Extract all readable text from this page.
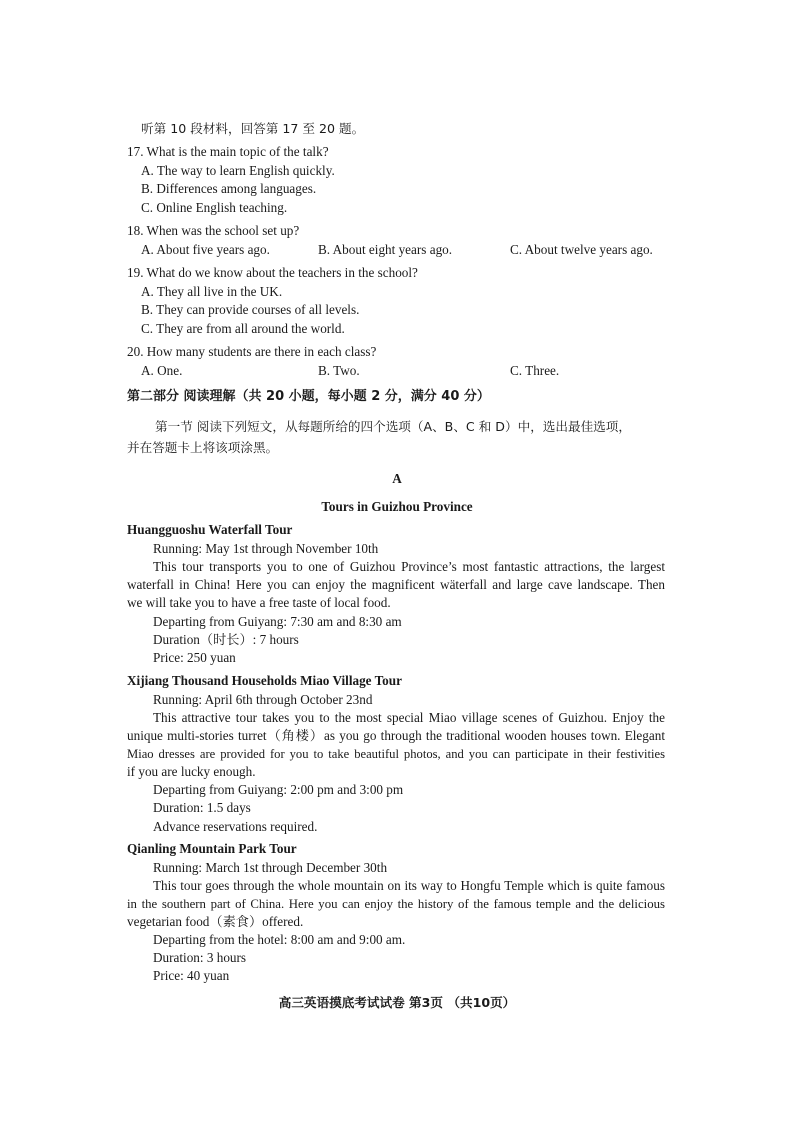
听第 10 段材料，回答第 17 至 20 题。
17. What is the main topic of the talk?
A. The way to learn English quickly.
B. Differences among languages.
C. Online English teaching.
18. When was the school set up?
A. About five years ago.	B. About eight years ago.	C. About twelve years ago.
19. What do we know about the teachers in the school?
A. They all live in the UK.
B. They can provide courses of all levels.
C. They are from all around the world.
20. How many students are there in each class?
A. One.	B. Two.	C. Three.
第二部分 阅读理解（共 20 小题，每小题 2 分，满分 40 分）
第一节 阅读下列短文，从每题所给的四个选项（A、B、C 和 D）中，选出最佳选项，
并在答题卡上将该项涂黑。
A
Tours in Guizhou Province
Huangguoshu Waterfall Tour
Running: May 1st through November 10th
This tour transports you to one of Guizhou Province’s most fantastic attractions, the largest
waterfall in China! Here you can enjoy the magnificent wäterfall and large cave landscape. Then
we will take you to have a free taste of local food.
Departing from Guiyang: 7:30 am and 8:30 am
Duration（时长）: 7 hours
Price: 250 yuan
Xijiang Thousand Households Miao Village Tour
Running: April 6th through October 23nd
This attractive tour takes you to the most special Miao village scenes of Guizhou. Enjoy the
unique multi-stories turret（角楼）as you go through the traditional wooden houses town. Elegant
Miao dresses are provided for you to take beautiful photos, and you can participate in their festivities
if you are lucky enough.
Departing from Guiyang: 2:00 pm and 3:00 pm
Duration: 1.5 days
Advance reservations required.
Qianling Mountain Park Tour
Running: March 1st through December 30th
This tour goes through the whole mountain on its way to Hongfu Temple which is quite famous
in the southern part of China. Here you can enjoy the history of the famous temple and the delicious
vegetarian food（素食）offered.
Departing from the hotel: 8:00 am and 9:00 am.
Duration: 3 hours
Price: 40 yuan
高三英语摸底考试试卷 第3页 （共10页）
